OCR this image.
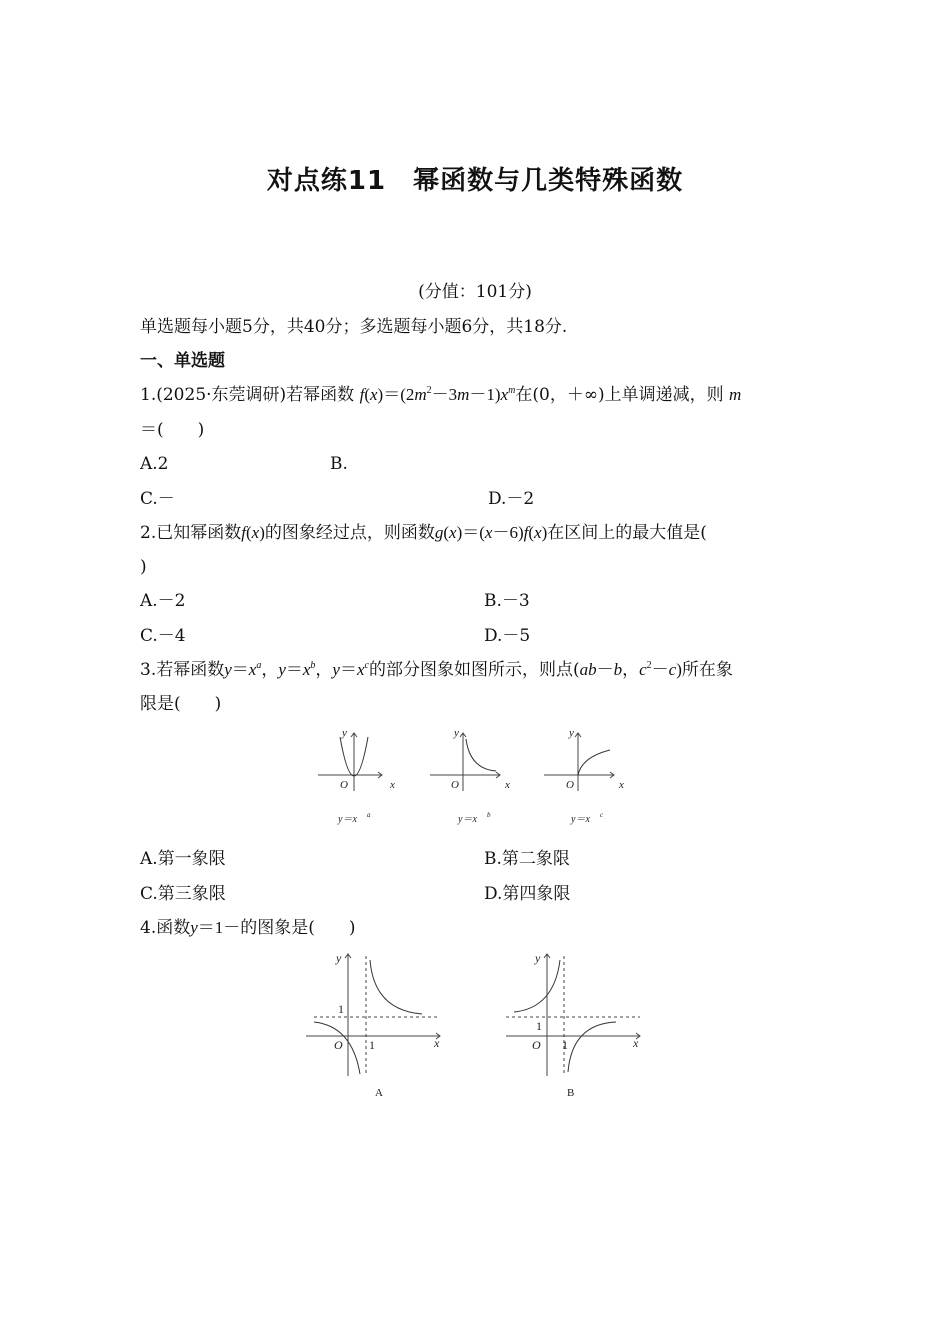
对点练11　幂函数与几类特殊函数
(分值：101分)
单选题每小题5分，共40分；多选题每小题6分，共18分.
一、单选题
1.(2025·东莞调研)若幂函数 $f(x)=(2m^2-3m-1)x^m$在(0，＋∞)上单调递减，则 m
＝(　　)
A.2	B.
C.－	D.－2
2.已知幂函数f(x)的图象经过点，则函数g(x)＝(x－6)f(x)在区间上的最大值是(
)
A.－2	B.－3
C.－4	D.－5
3.若幂函数$y=x^a$，$y=x^b$，$y=x^c$的部分图象如图所示，则点(ab－b，$c^2-c$)所在象
限是(　　)
y
x
O
y
x
O
y
x
O
y＝x a	y＝x b	y＝x c
A.第一象限	B.第二象限
C.第三象限	D.第四象限
4.函数y＝1－的图象是(　　)
y
x
O
1
1
A
y
x
O
1
1
B
